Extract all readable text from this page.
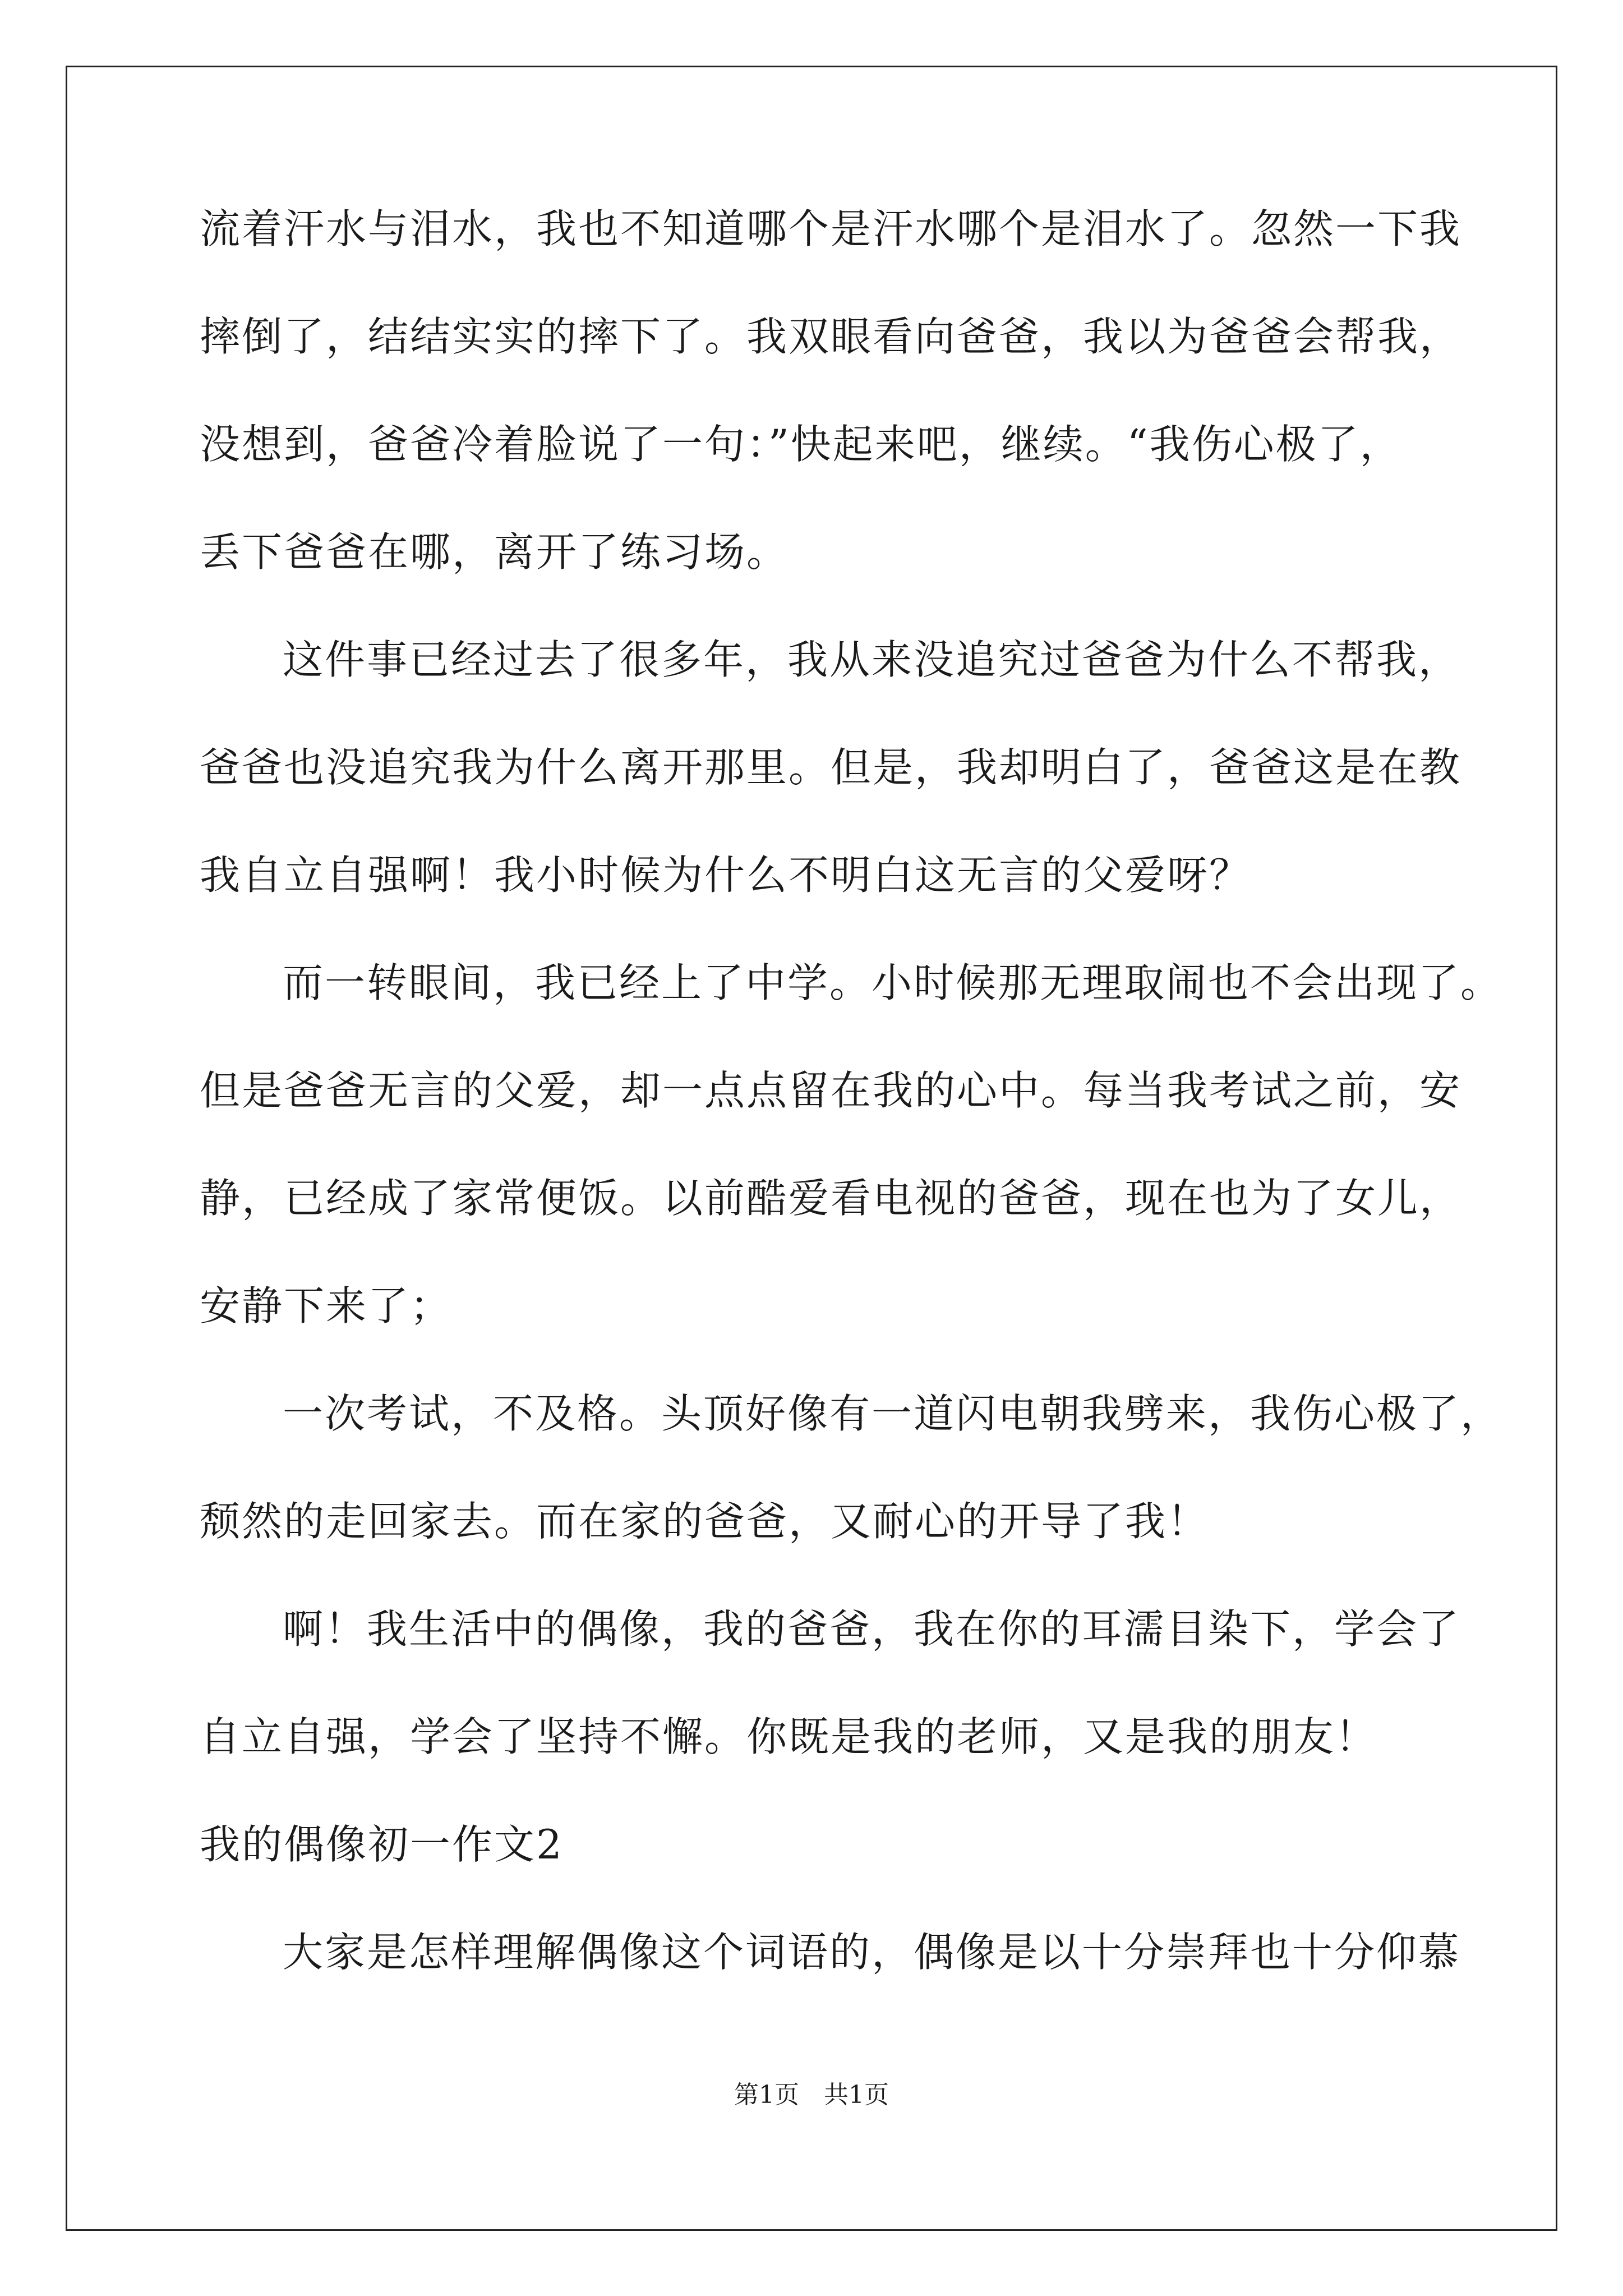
流着汗水与泪水，我也不知道哪个是汗水哪个是泪水了。忽然一下我
摔倒了，结结实实的摔下了。我双眼看向爸爸，我以为爸爸会帮我，
没想到，爸爸冷着脸说了一句：”快起来吧，继续。“我伤心极了，
丢下爸爸在哪，离开了练习场。
这件事已经过去了很多年，我从来没追究过爸爸为什么不帮我，
爸爸也没追究我为什么离开那里。但是，我却明白了，爸爸这是在教
我自立自强啊！我小时候为什么不明白这无言的父爱呀？
而一转眼间，我已经上了中学。小时候那无理取闹也不会出现了。
但是爸爸无言的父爱，却一点点留在我的心中。每当我考试之前，安
静，已经成了家常便饭。以前酷爱看电视的爸爸，现在也为了女儿，
安静下来了；
一次考试，不及格。头顶好像有一道闪电朝我劈来，我伤心极了，
颓然的走回家去。而在家的爸爸，又耐心的开导了我！
啊！我生活中的偶像，我的爸爸，我在你的耳濡目染下，学会了
自立自强，学会了坚持不懈。你既是我的老师，又是我的朋友！
我的偶像初一作文2
大家是怎样理解偶像这个词语的，偶像是以十分崇拜也十分仰慕
第1页　共1页
